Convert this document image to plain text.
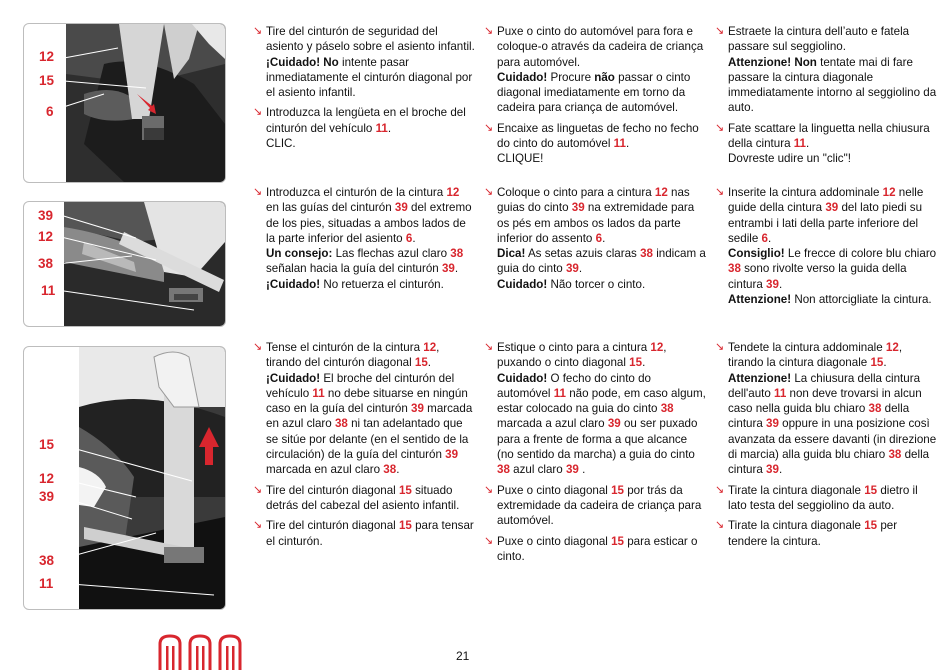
12
15
6
39
12
38
11
15
12
39
38
11
↘ Tire del cinturón de seguridad del asiento y páselo sobre el asiento infantil. ¡Cuidado! No intente pasar inmediatamente el cinturón diagonal por el asiento infantil.
↘ Introduzca la lengüeta en el broche del cinturón del vehículo 11.
CLIC.
↘ Puxe o cinto do automóvel para fora e coloque-o através da cadeira de criança para automóvel.
Cuidado! Procure não passar o cinto diagonal imediatamente em torno da cadeira para criança de automóvel.
↘ Encaixe as linguetas de fecho no fecho do cinto do automóvel 11.
CLIQUE!
↘ Estraete la cintura dell’auto e fatela passare sul seggiolino.
Attenzione! Non tentate mai di fare passare la cintura diagonale immediatamente intorno al seggiolino da auto.
↘ Fate scattare la linguetta nella chiusura della cintura 11.
Dovreste udire un "clic"!
↘ Introduzca el cinturón de la cintura 12 en las guías del cinturón 39 del extremo de los pies, situadas a ambos lados de la parte inferior del asiento 6.
Un consejo: Las flechas azul claro 38 señalan hacia la guía del cinturón 39.
¡Cuidado! No retuerza el cinturón.
↘ Coloque o cinto para a cintura 12 nas guias do cinto 39 na extremidade para os pés em ambos os lados da parte inferior do assento 6.
Dica! As setas azuis claras 38 indicam a guia do cinto 39.
Cuidado! Não torcer o cinto.
↘ Inserite la cintura addominale 12 nelle guide della cintura 39 del lato piedi su entrambi i lati della parte inferiore del sedile 6.
Consiglio! Le frecce di colore blu chiaro 38 sono rivolte verso la guida della cintura 39.
Attenzione! Non attorcigliate la cintura.
↘ Tense el cinturón de la cintura 12, tirando del cinturón diagonal 15.
¡Cuidado! El broche del cinturón del vehículo 11 no debe situarse en ningún caso en la guía del cinturón 39 marcada en azul claro 38 ni tan adelantado que se sitúe por delante (en el sentido de la circulación) de la guía del cinturón 39 marcada en azul claro 38.
↘ Tire del cinturón diagonal 15 situado detrás del cabezal del asiento infantil.
↘ Tire del cinturón diagonal 15 para tensar el cinturón.
↘ Estique o cinto para a cintura 12, puxando o cinto diagonal 15.
Cuidado! O fecho do cinto do automóvel 11 não pode, em caso algum, estar colocado na guia do cinto 38 marcada a azul claro 39 ou ser puxado para a frente de forma a que alcance (no sentido da marcha) a guia do cinto 38 azul claro 39 .
↘ Puxe o cinto diagonal 15 por trás da extremidade da cadeira de criança para automóvel.
↘ Puxe o cinto diagonal 15 para esticar o cinto.
↘ Tendete la cintura addominale 12, tirando la cintura diagonale 15.
Attenzione! La chiusura della cintura dell'auto 11 non deve trovarsi in alcun caso nella guida blu chiaro 38 della cintura 39 oppure in una posizione così avanzata da essere davanti (in direzione di marcia) alla guida blu chiaro 38 della cintura 39.
↘ Tirate la cintura diagonale 15 dietro il lato testa del seggiolino da auto.
↘ Tirate la cintura diagonale 15 per tendere la cintura.
21
